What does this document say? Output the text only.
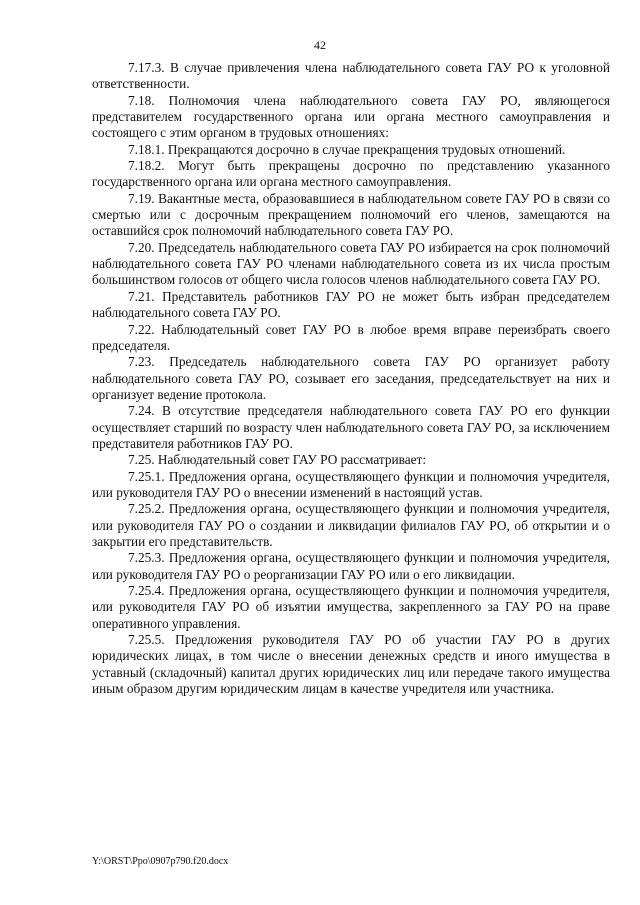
42

7.17.3. В случае привлечения члена наблюдательного совета ГАУ РО к уголовной ответственности.

7.18. Полномочия члена наблюдательного совета ГАУ РО, являющегося представителем государственного органа или органа местного самоуправления и состоящего с этим органом в трудовых отношениях:

7.18.1. Прекращаются досрочно в случае прекращения трудовых отношений.

7.18.2. Могут быть прекращены досрочно по представлению указанного государственного органа или органа местного самоуправления.

7.19. Вакантные места, образовавшиеся в наблюдательном совете ГАУ РО в связи со смертью или с досрочным прекращением полномочий его членов, замещаются на оставшийся срок полномочий наблюдательного совета ГАУ РО.

7.20. Председатель наблюдательного совета ГАУ РО избирается на срок полномочий наблюдательного совета ГАУ РО членами наблюдательного совета из их числа простым большинством голосов от общего числа голосов членов наблюдательного совета ГАУ РО.

7.21. Представитель работников ГАУ РО не может быть избран председателем наблюдательного совета ГАУ РО.

7.22. Наблюдательный совет ГАУ РО в любое время вправе переизбрать своего председателя.

7.23. Председатель наблюдательного совета ГАУ РО организует работу наблюдательного совета ГАУ РО, созывает его заседания, председательствует на них и организует ведение протокола.

7.24. В отсутствие председателя наблюдательного совета ГАУ РО его функции осуществляет старший по возрасту член наблюдательного совета ГАУ РО, за исключением представителя работников ГАУ РО.

7.25. Наблюдательный совет ГАУ РО рассматривает:

7.25.1. Предложения органа, осуществляющего функции и полномочия учредителя, или руководителя ГАУ РО о внесении изменений в настоящий устав.

7.25.2. Предложения органа, осуществляющего функции и полномочия учредителя, или руководителя ГАУ РО о создании и ликвидации филиалов ГАУ РО, об открытии и о закрытии его представительств.

7.25.3. Предложения органа, осуществляющего функции и полномочия учредителя, или руководителя ГАУ РО о реорганизации ГАУ РО или о его ликвидации.

7.25.4. Предложения органа, осуществляющего функции и полномочия учредителя, или руководителя ГАУ РО об изъятии имущества, закрепленного за ГАУ РО на праве оперативного управления.

7.25.5. Предложения руководителя ГАУ РО об участии ГАУ РО в других юридических лицах, в том числе о внесении денежных средств и иного имущества в уставный (складочный) капитал других юридических лиц или передаче такого имущества иным образом другим юридическим лицам в качестве учредителя или участника.

Y:\ORST\Ppo\0907p790.f20.docx
